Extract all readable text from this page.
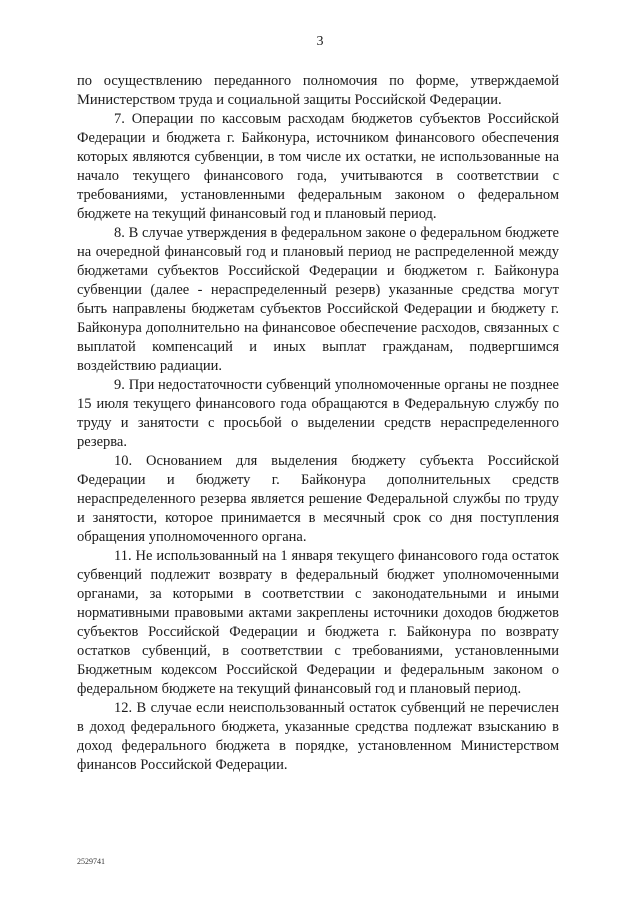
3

по осуществлению переданного полномочия по форме, утверждаемой Министерством труда и социальной защиты Российской Федерации.

7. Операции по кассовым расходам бюджетов субъектов Российской Федерации и бюджета г. Байконура, источником финансового обеспечения которых являются субвенции, в том числе их остатки, не использованные на начало текущего финансового года, учитываются в соответствии с требованиями, установленными федеральным законом о федеральном бюджете на текущий финансовый год и плановый период.

8. В случае утверждения в федеральном законе о федеральном бюджете на очередной финансовый год и плановый период не распределенной между бюджетами субъектов Российской Федерации и бюджетом г. Байконура субвенции (далее - нераспределенный резерв) указанные средства могут быть направлены бюджетам субъектов Российской Федерации и бюджету г. Байконура дополнительно на финансовое обеспечение расходов, связанных с выплатой компенсаций и иных выплат гражданам, подвергшимся воздействию радиации.

9. При недостаточности субвенций уполномоченные органы не позднее 15 июля текущего финансового года обращаются в Федеральную службу по труду и занятости с просьбой о выделении средств нераспределенного резерва.

10. Основанием для выделения бюджету субъекта Российской Федерации и бюджету г. Байконура дополнительных средств нераспределенного резерва является решение Федеральной службы по труду и занятости, которое принимается в месячный срок со дня поступления обращения уполномоченного органа.

11. Не использованный на 1 января текущего финансового года остаток субвенций подлежит возврату в федеральный бюджет уполномоченными органами, за которыми в соответствии с законодательными и иными нормативными правовыми актами закреплены источники доходов бюджетов субъектов Российской Федерации и бюджета г. Байконура по возврату остатков субвенций, в соответствии с требованиями, установленными Бюджетным кодексом Российской Федерации и федеральным законом о федеральном бюджете на текущий финансовый год и плановый период.

12. В случае если неиспользованный остаток субвенций не перечислен в доход федерального бюджета, указанные средства подлежат взысканию в доход федерального бюджета в порядке, установленном Министерством финансов Российской Федерации.

2529741
